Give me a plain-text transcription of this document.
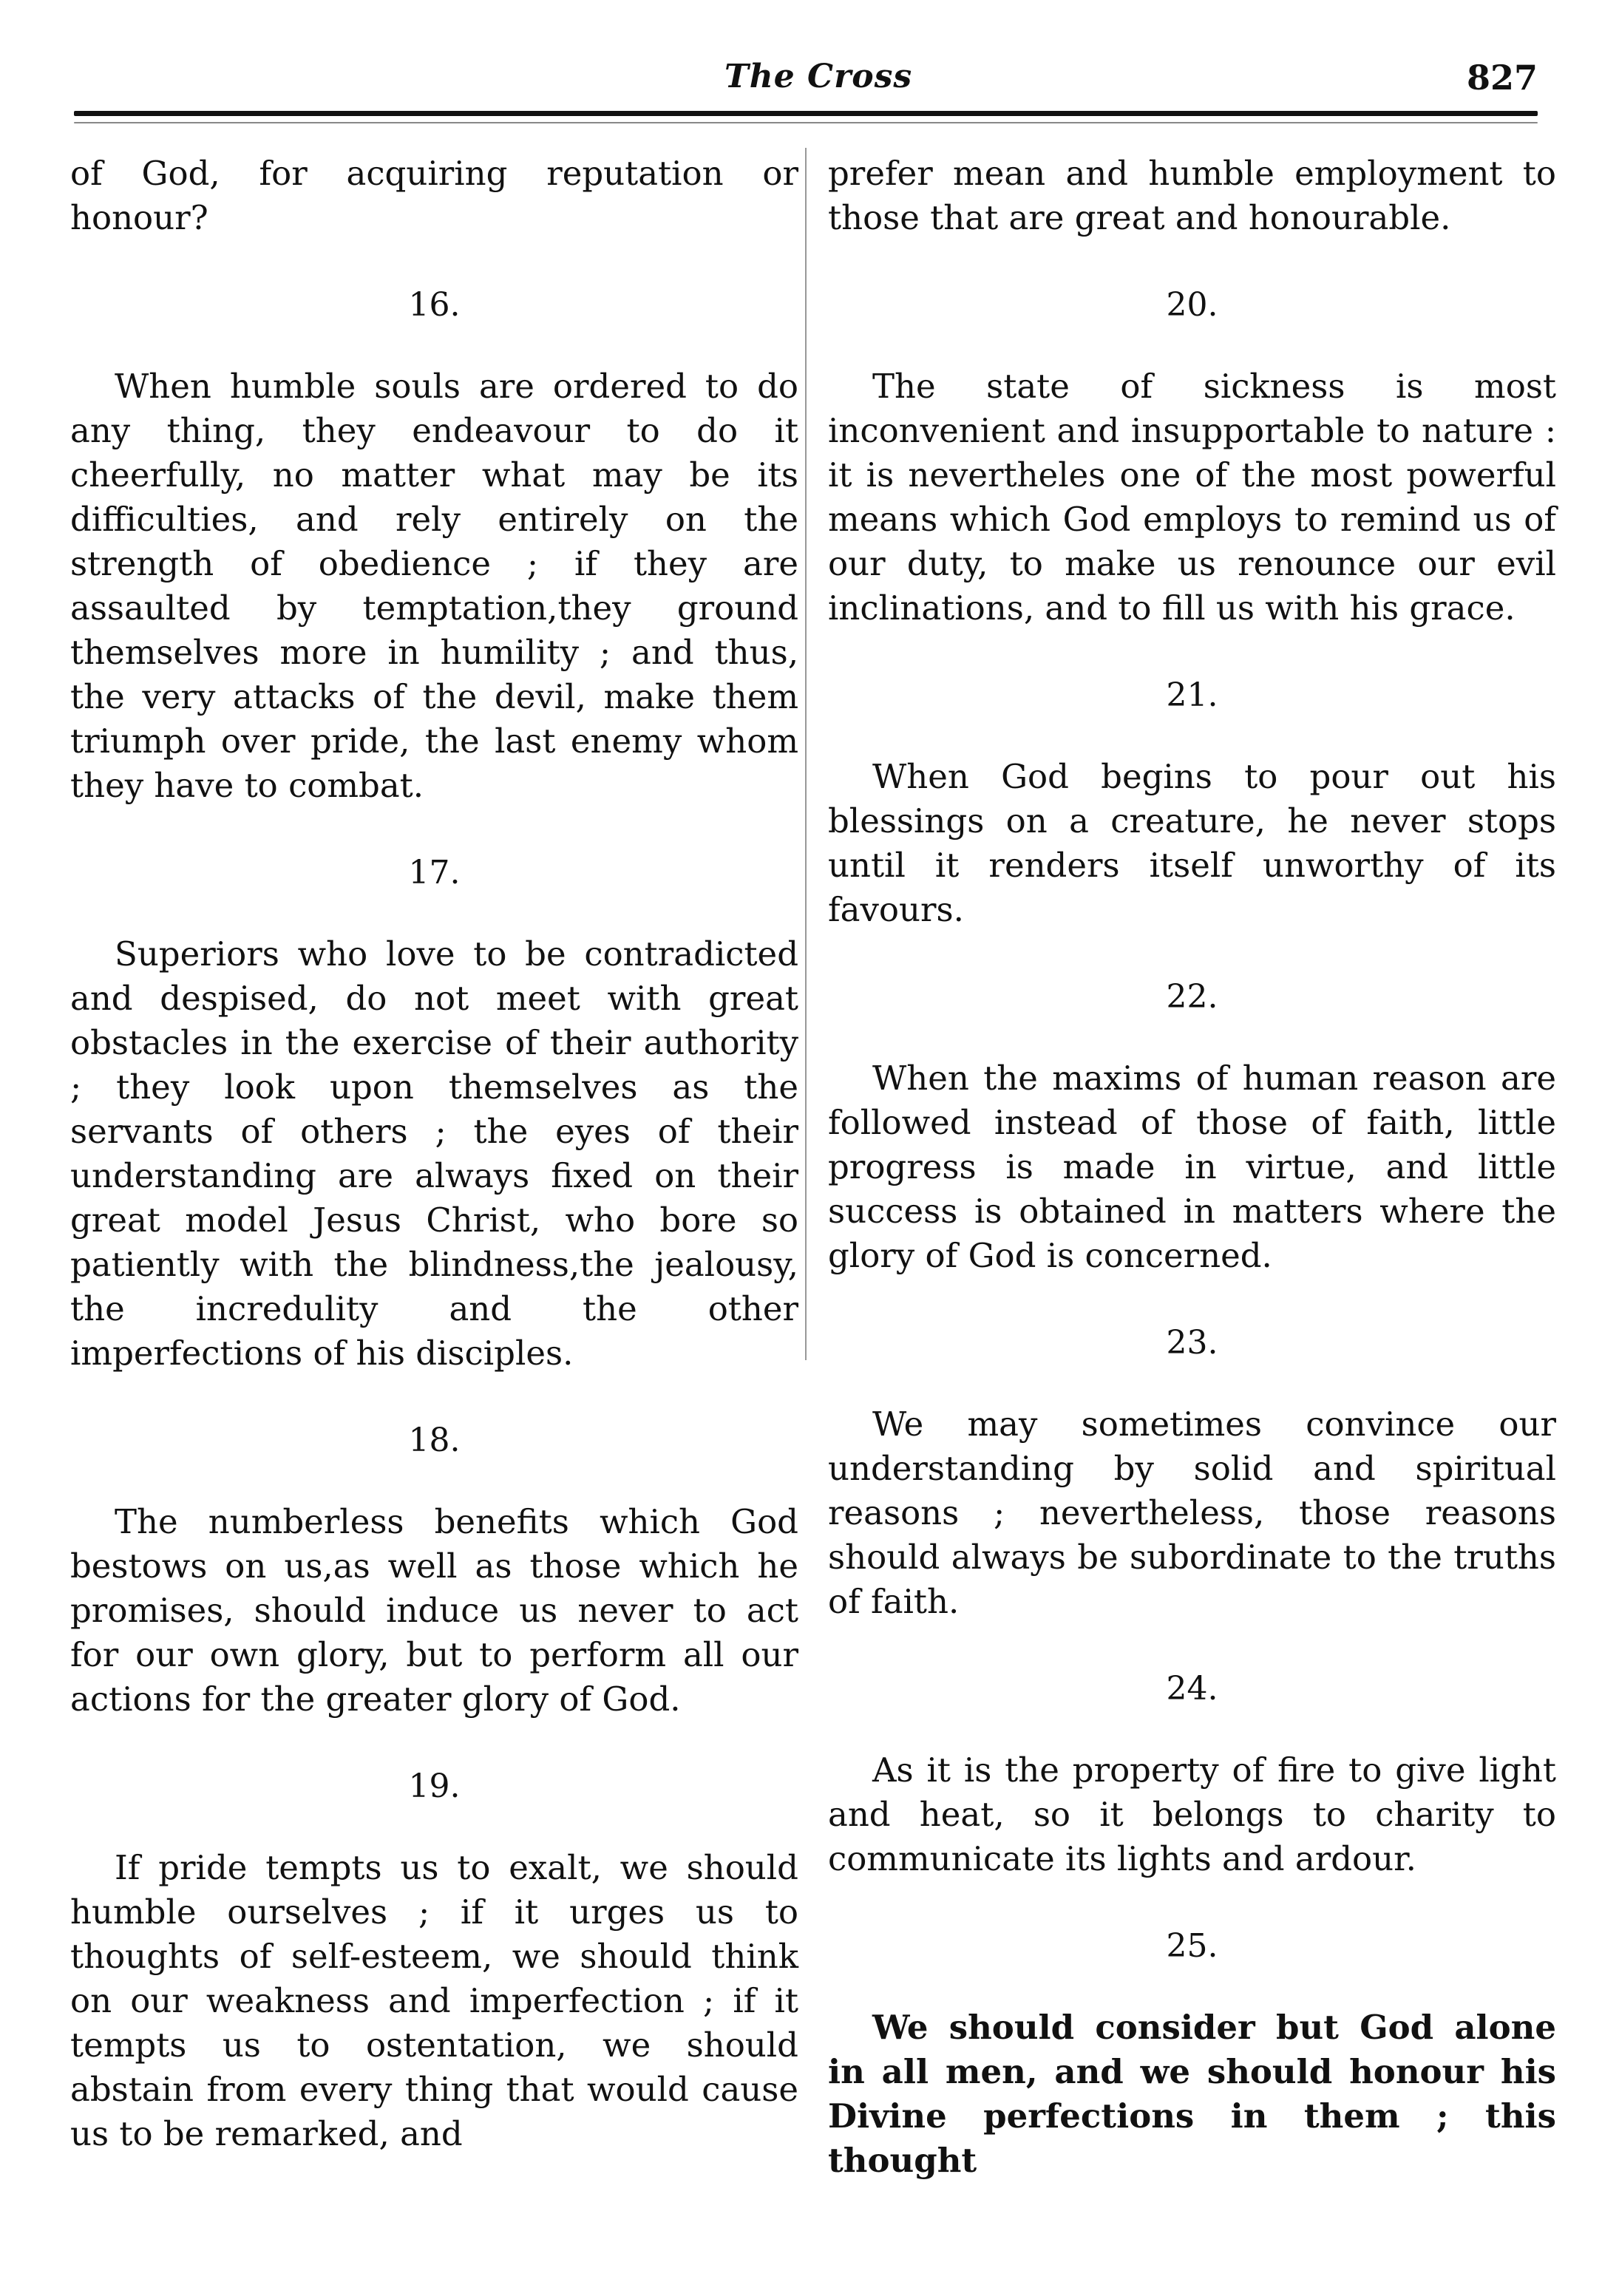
The Cross	827

of God, for acquiring reputation or honour?

16.

When humble souls are ordered to do any thing, they endeavour to do it cheerfully, no matter what may be its difficulties, and rely entirely on the strength of obedience ; if they are assaulted by temptation,they ground themselves more in humility ; and thus, the very attacks of the devil, make them triumph over pride, the last enemy whom they have to combat.

17.

Superiors who love to be contradicted and despised, do not meet with great obstacles in the exercise of their authority ; they look upon themselves as the servants of others ; the eyes of their understanding are always fixed on their great model Jesus Christ, who bore so patiently with the blindness,the jealousy, the incredulity and the other imperfections of his disciples.

18.

The numberless benefits which God bestows on us,as well as those which he promises, should induce us never to act for our own glory, but to perform all our actions for the greater glory of God.

19.

If pride tempts us to exalt, we should humble ourselves ; if it urges us to thoughts of self-esteem, we should think on our weakness and imperfection ; if it tempts us to ostentation, we should abstain from every thing that would cause us to be remarked, and

prefer mean and humble employment to those that are great and honourable.

20.

The state of sickness is most inconvenient and insupportable to nature : it is nevertheles one of the most powerful means which God employs to remind us of our duty, to make us renounce our evil inclinations, and to fill us with his grace.

21.

When God begins to pour out his blessings on a creature, he never stops until it renders itself unworthy of its favours.

22.

When the maxims of human reason are followed instead of those of faith, little progress is made in virtue, and little success is obtained in matters where the glory of God is concerned.

23.

We may sometimes convince our understanding by solid and spiritual reasons ; nevertheless, those reasons should always be subordinate to the truths of faith.

24.

As it is the property of fire to give light and heat, so it belongs to charity to communicate its lights and ardour.

25.

We should consider but God alone in all men, and we should honour his Divine perfections in them ; this thought
